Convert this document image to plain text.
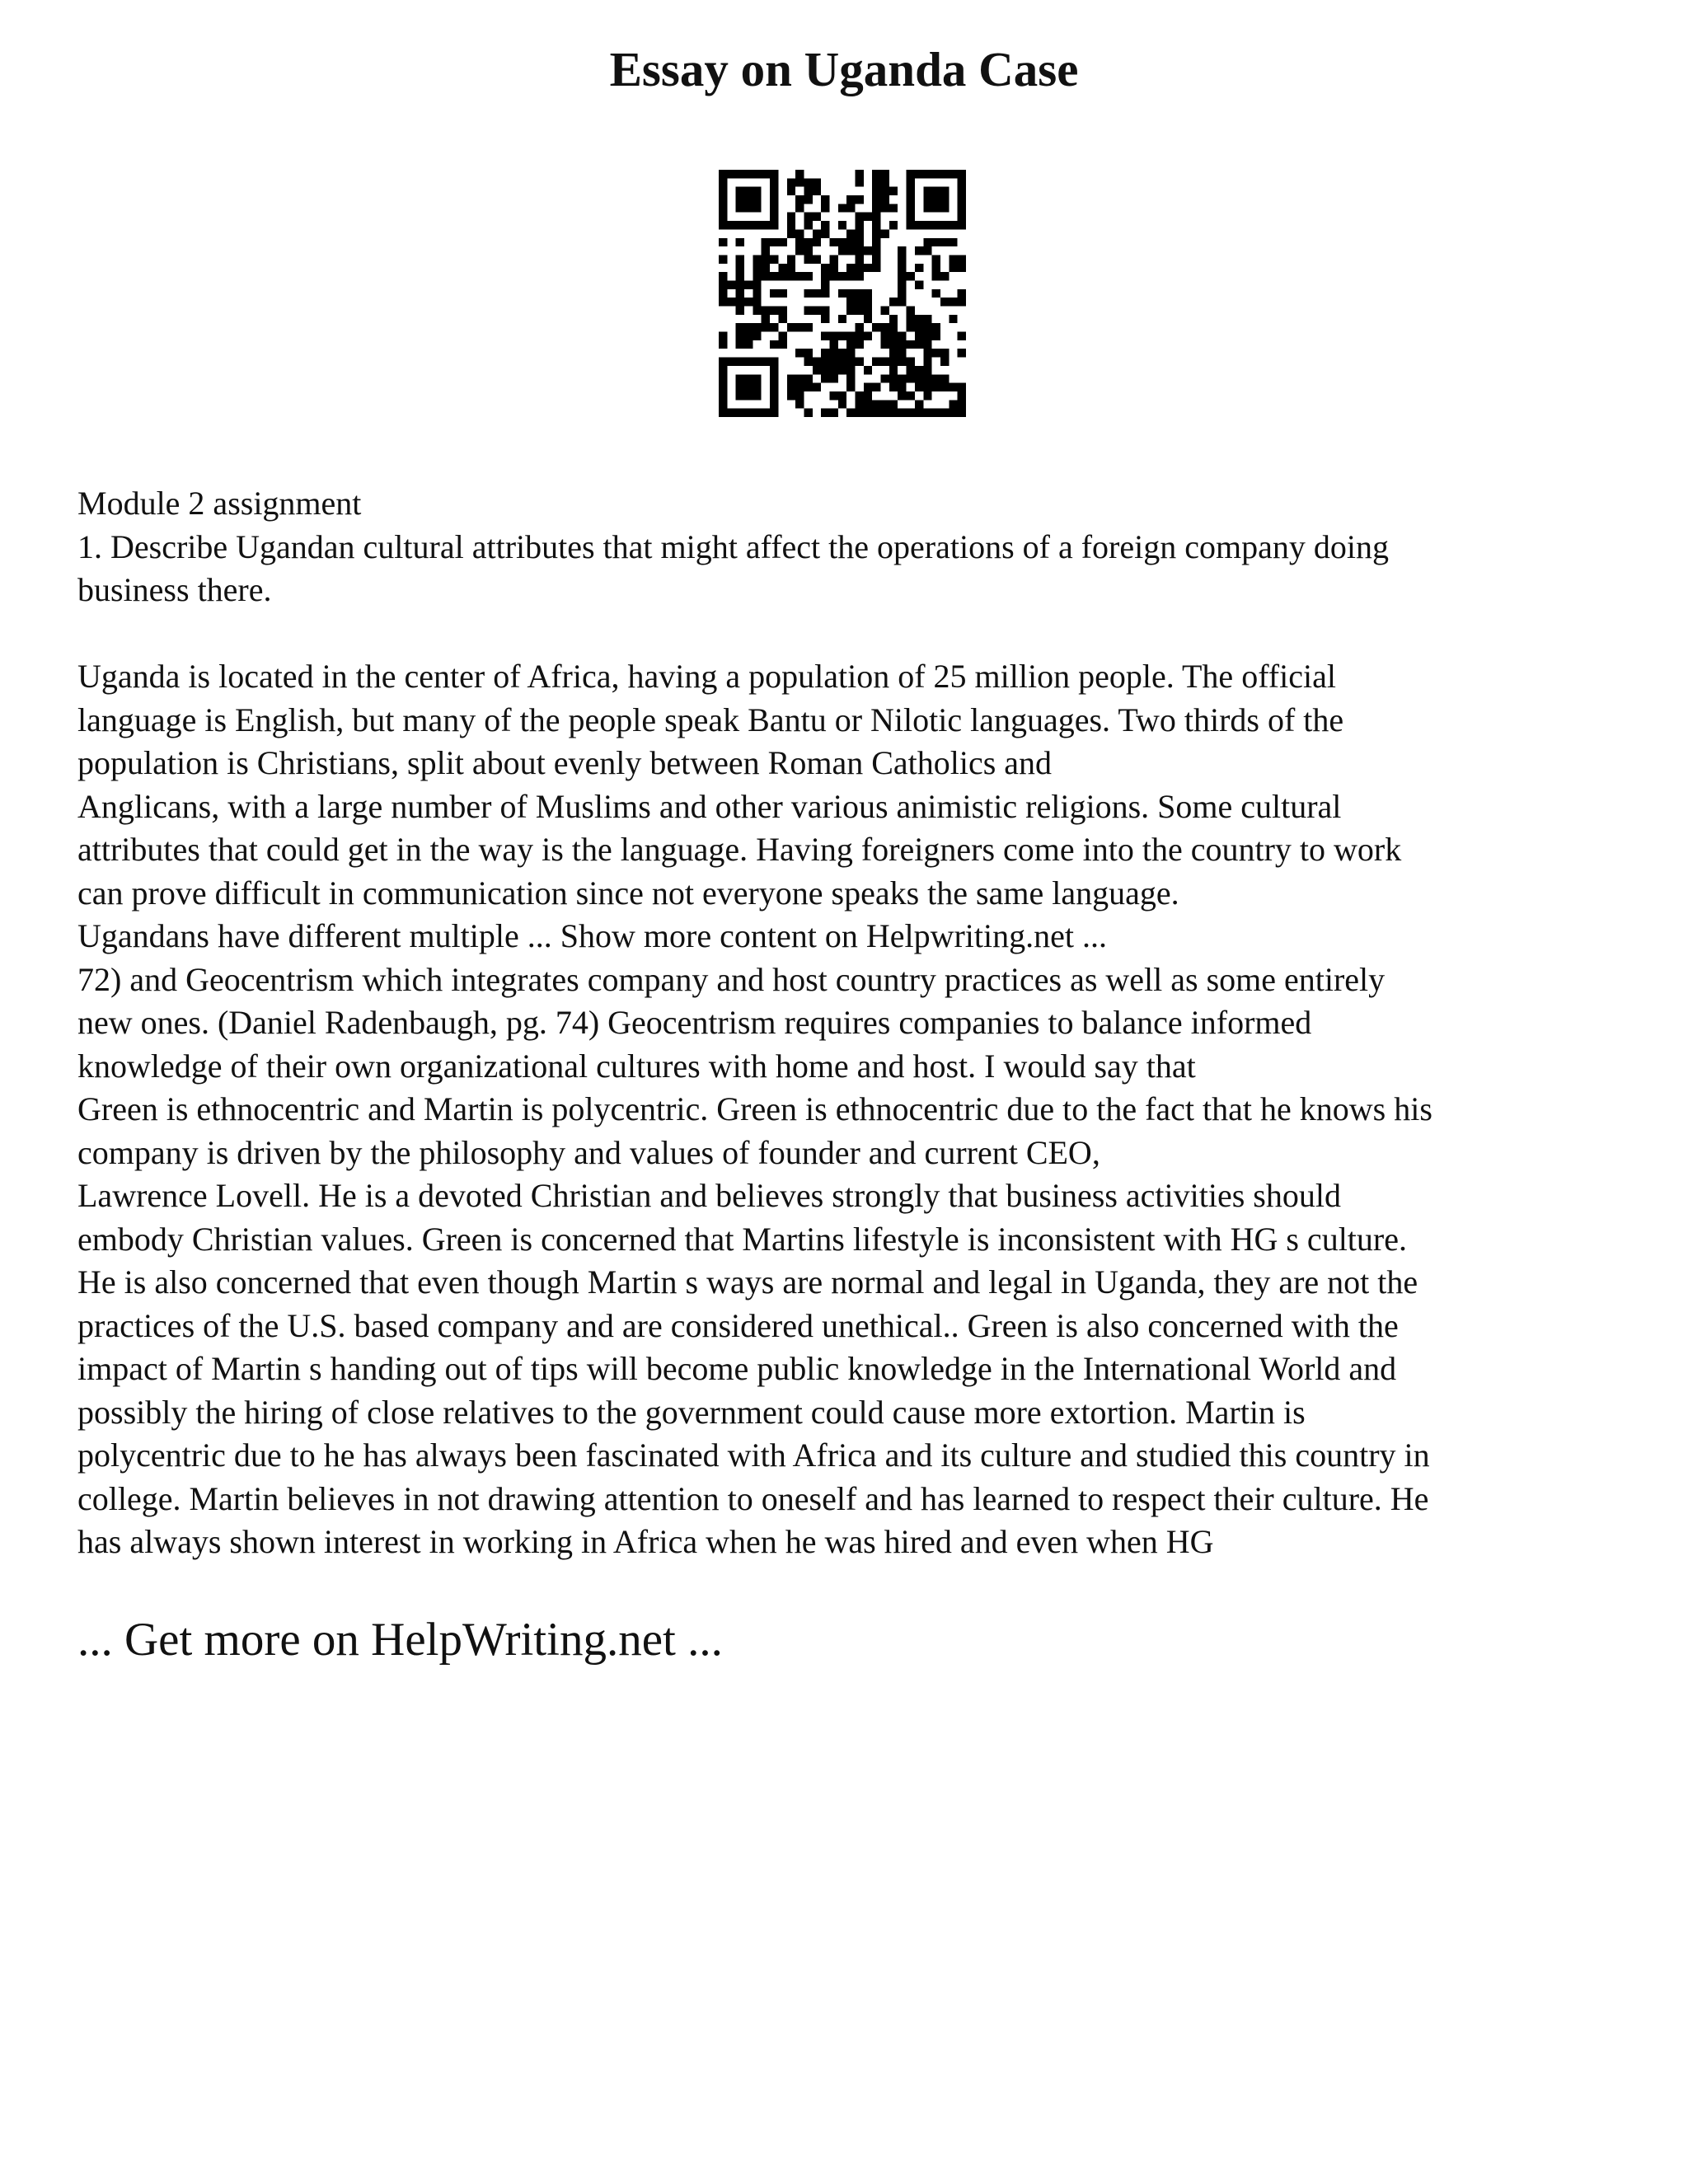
Essay on Uganda Case
Module 2 assignment
1. Describe Ugandan cultural attributes that might affect the operations of a foreign company doing
business there.
Uganda is located in the center of Africa, having a population of 25 million people. The official
language is English, but many of the people speak Bantu or Nilotic languages. Two thirds of the
population is Christians, split about evenly between Roman Catholics and
Anglicans, with a large number of Muslims and other various animistic religions. Some cultural
attributes that could get in the way is the language. Having foreigners come into the country to work
can prove difficult in communication since not everyone speaks the same language.
Ugandans have different multiple ... Show more content on Helpwriting.net ...
72) and Geocentrism which integrates company and host country practices as well as some entirely
new ones. (Daniel Radenbaugh, pg. 74) Geocentrism requires companies to balance informed
knowledge of their own organizational cultures with home and host. I would say that
Green is ethnocentric and Martin is polycentric. Green is ethnocentric due to the fact that he knows his
company is driven by the philosophy and values of founder and current CEO,
Lawrence Lovell. He is a devoted Christian and believes strongly that business activities should
embody Christian values. Green is concerned that Martins lifestyle is inconsistent with HG s culture.
He is also concerned that even though Martin s ways are normal and legal in Uganda, they are not the
practices of the U.S. based company and are considered unethical.. Green is also concerned with the
impact of Martin s handing out of tips will become public knowledge in the International World and
possibly the hiring of close relatives to the government could cause more extortion. Martin is
polycentric due to he has always been fascinated with Africa and its culture and studied this country in
college. Martin believes in not drawing attention to oneself and has learned to respect their culture. He
has always shown interest in working in Africa when he was hired and even when HG
... Get more on HelpWriting.net ...
